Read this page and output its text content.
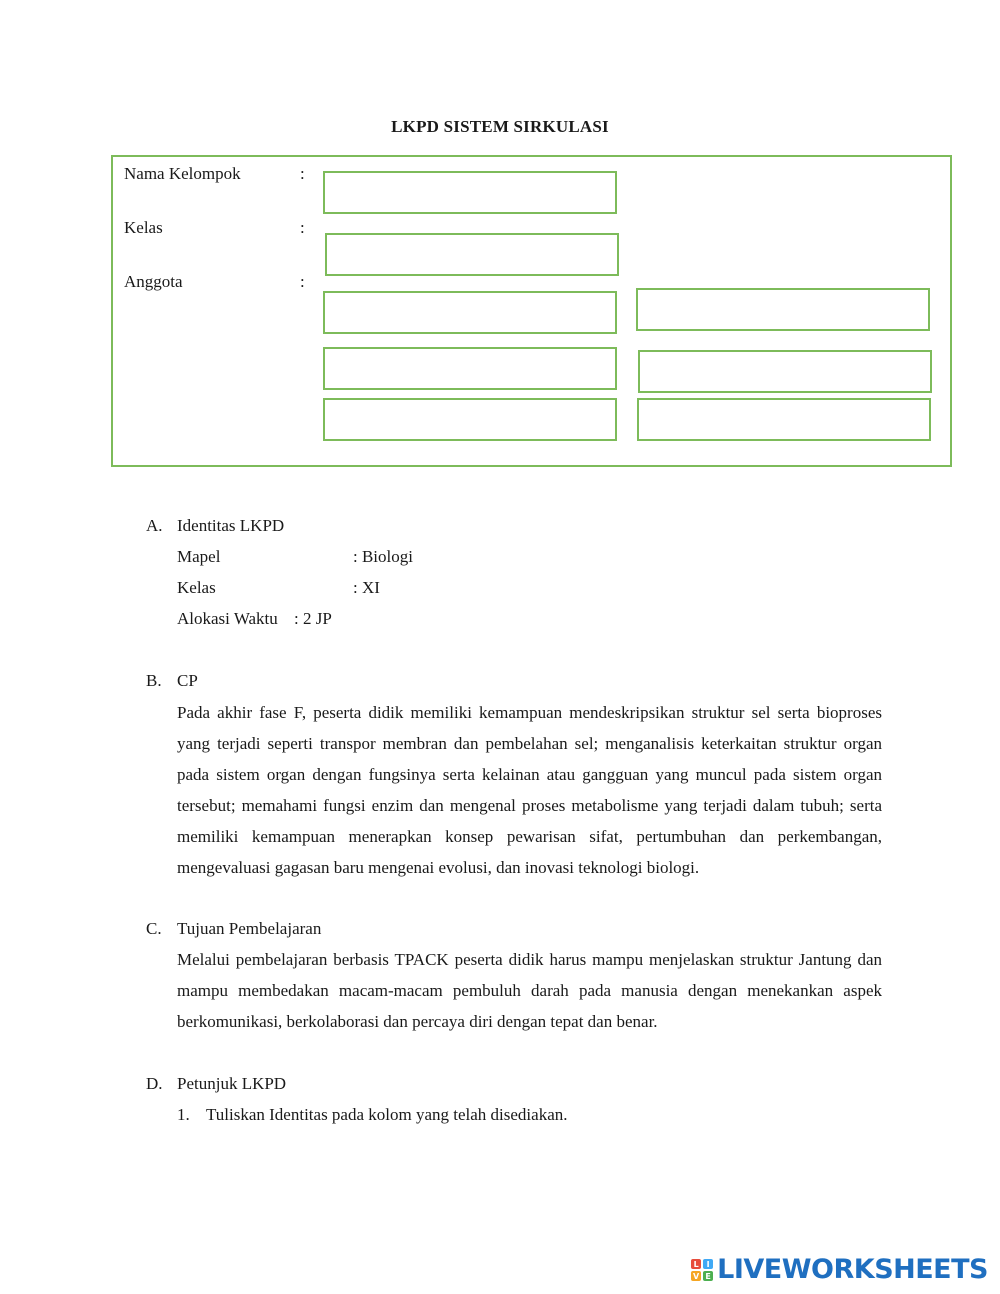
LKPD SISTEM SIRKULASI
Nama Kelompok	:
Kelas	:
Anggota	:
A. Identitas LKPD
Mapel	: Biologi
Kelas	: XI
Alokasi Waktu : 2 JP
B. CP
Pada akhir fase F, peserta didik memiliki kemampuan mendeskripsikan struktur sel serta bioproses yang terjadi seperti transpor membran dan pembelahan sel; menganalisis keterkaitan struktur organ pada sistem organ dengan fungsinya serta kelainan atau gangguan yang muncul pada sistem organ tersebut; memahami fungsi enzim dan mengenal proses metabolisme yang terjadi dalam tubuh; serta memiliki kemampuan menerapkan konsep pewarisan sifat, pertumbuhan dan perkembangan, mengevaluasi gagasan baru mengenai evolusi, dan inovasi teknologi biologi.
C. Tujuan Pembelajaran
Melalui pembelajaran berbasis TPACK peserta didik harus mampu menjelaskan struktur Jantung dan mampu membedakan macam-macam pembuluh darah pada manusia dengan menekankan aspek berkomunikasi, berkolaborasi dan percaya diri dengan tepat dan benar.
D. Petunjuk LKPD
1. Tuliskan Identitas pada kolom yang telah disediakan.
L I
V E LIVEWORKSHEETS
